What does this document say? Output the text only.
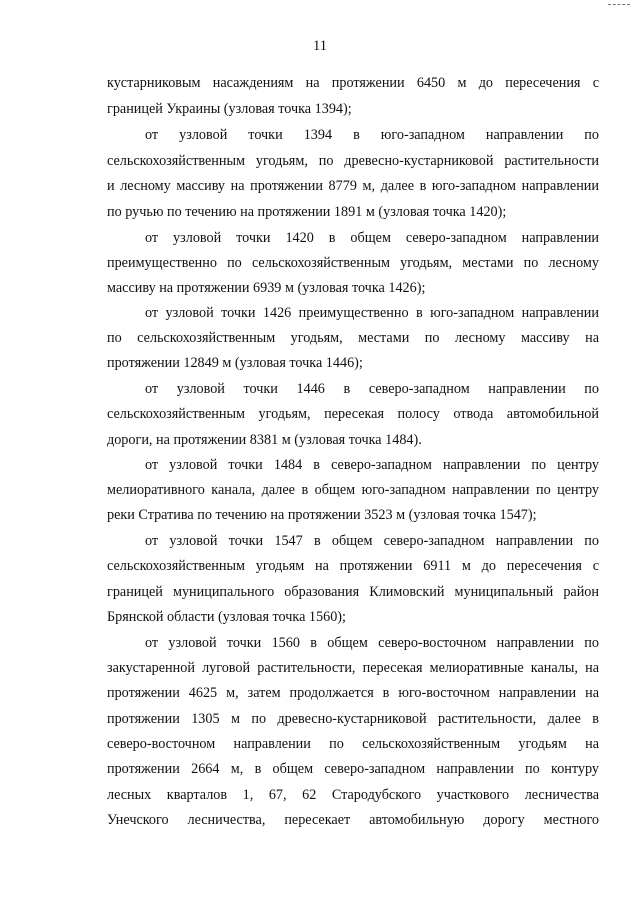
11
кустарниковым насаждениям на протяжении 6450 м до пересечения с
границей Украины (узловая точка 1394);
от узловой точки 1394 в юго-западном направлении по
сельскохозяйственным угодьям, по древесно-кустарниковой растительности
и лесному массиву на протяжении 8779 м, далее в юго-западном направлении
по ручью по течению на протяжении 1891 м (узловая точка 1420);
от узловой точки 1420 в общем северо-западном направлении
преимущественно по сельскохозяйственным угодьям, местами по лесному
массиву на протяжении 6939 м (узловая точка 1426);
от узловой точки 1426 преимущественно в юго-западном направлении
по сельскохозяйственным угодьям, местами по лесному массиву на
протяжении 12849 м (узловая точка 1446);
от узловой точки 1446 в северо-западном направлении по
сельскохозяйственным угодьям, пересекая полосу отвода автомобильной
дороги, на протяжении 8381 м (узловая точка 1484).
от узловой точки 1484 в северо-западном направлении по центру
мелиоративного канала, далее в общем юго-западном направлении по центру
реки Стратива по течению на протяжении 3523 м (узловая точка 1547);
от узловой точки 1547 в общем северо-западном направлении по
сельскохозяйственным угодьям на протяжении 6911 м до пересечения с
границей муниципального образования Климовский муниципальный район
Брянской области (узловая точка 1560);
от узловой точки 1560 в общем северо-восточном направлении по
закустаренной луговой растительности, пересекая мелиоративные каналы, на
протяжении 4625 м, затем продолжается в юго-восточном направлении на
протяжении 1305 м по древесно-кустарниковой растительности, далее в
северо-восточном направлении по сельскохозяйственным угодьям на
протяжении 2664 м, в общем северо-западном направлении по контуру
лесных кварталов 1, 67, 62 Стародубского участкового лесничества
Унечского лесничества, пересекает автомобильную дорогу местного
